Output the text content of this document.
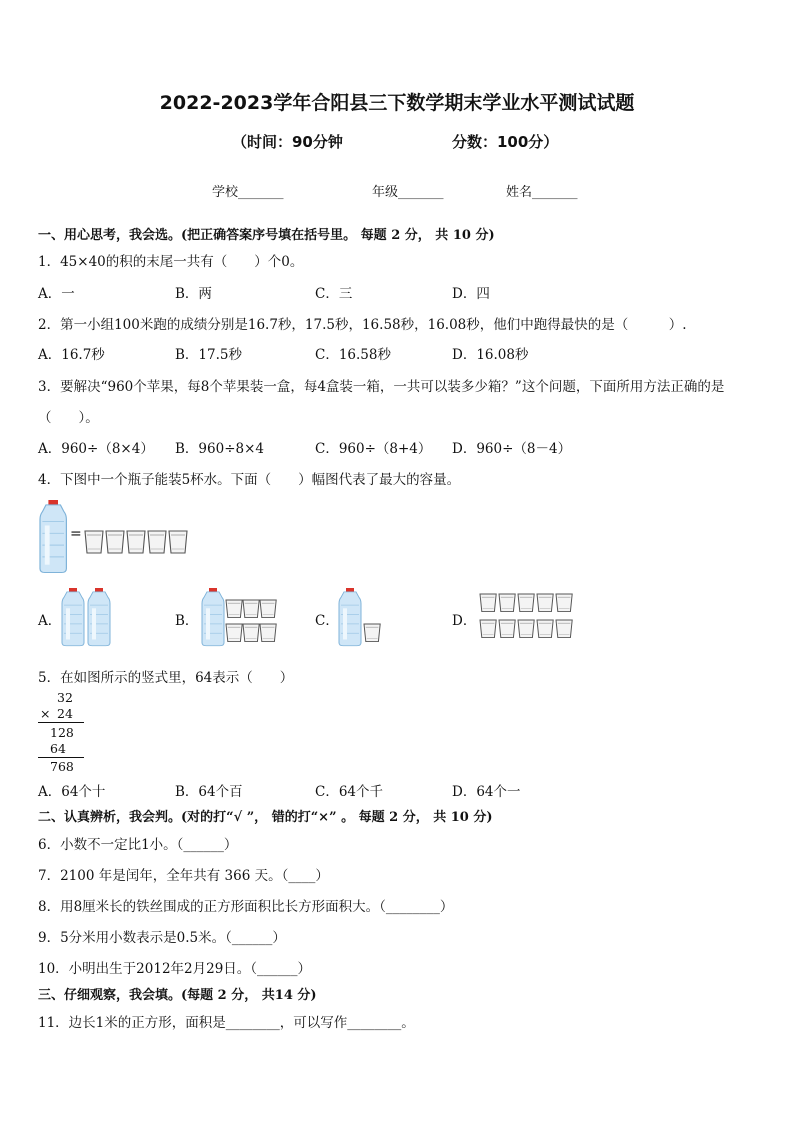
2022-2023学年合阳县三下数学期末学业水平测试试题
（时间：90分钟	分数：100分）
学校_______	年级_______	姓名_______
一、用心思考，我会选。(把正确答案序号填在括号里。 每题 2 分， 共 10 分)
1．45×40的积的末尾一共有（　　）个0。
A．一	B．两	C．三	D．四
2．第一小组100米跑的成绩分别是16.7秒，17.5秒，16.58秒，16.08秒，他们中跑得最快的是（　　　）.
A．16.7秒	B．17.5秒	C．16.58秒	D．16.08秒
3．要解决“960个苹果，每8个苹果装一盒，每4盒装一箱，一共可以装多少箱？”这个问题，下面所用方法正确的是
（　　）。
A．960÷（8×4） B．960÷8×4	C．960÷（8+4） D．960÷（8－4）
4．下图中一个瓶子能装5杯水。下面（　　）幅图代表了最大的容量。
=
A．	B．	C．	D．
5．在如图所示的竖式里，64表示（　　）
32
× 24
128
64
768
A．64个十	B．64个百	C．64个千	D．64个一
二、认真辨析，我会判。(对的打“√ ”， 错的打“×” 。 每题 2 分， 共 10 分)
6．小数不一定比1小。（______）
7．2100 年是闰年，全年共有 366 天。（____）
8．用8厘米长的铁丝围成的正方形面积比长方形面积大。（________）
9．5分米用小数表示是0.5米。（______）
10．小明出生于2012年2月29日。（______）
三、仔细观察，我会填。(每题 2 分， 共14 分)
11．边长1米的正方形，面积是________，可以写作________。
